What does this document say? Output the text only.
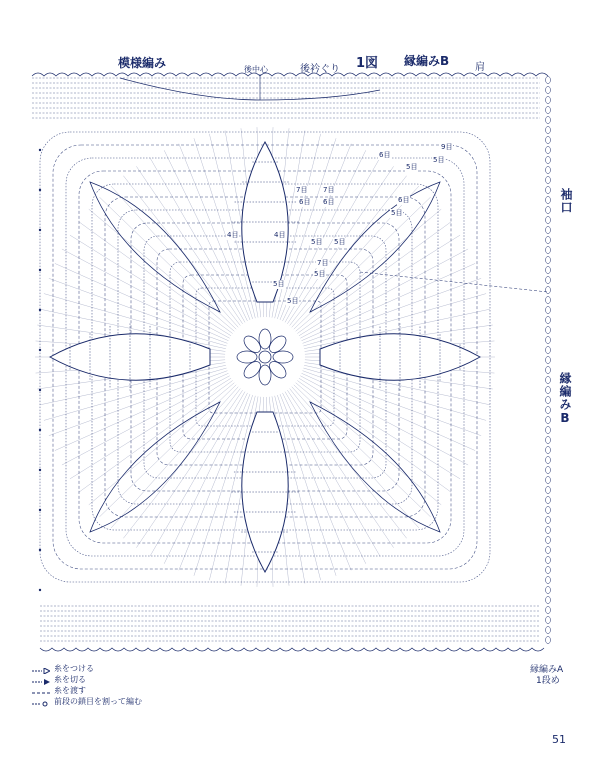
模様編み	後中心	後衿ぐり 1図 縁編みB	肩
袖口
縁編みB
縁編みA
1段め
9目
5目
6目
5目
6目
5目
7目 7目
6目 6目
4目	4目
5目 5目
7目
5目
5目
5目
糸をつける
糸を切る
糸を渡す
前段の鎖目を割って編む
51
